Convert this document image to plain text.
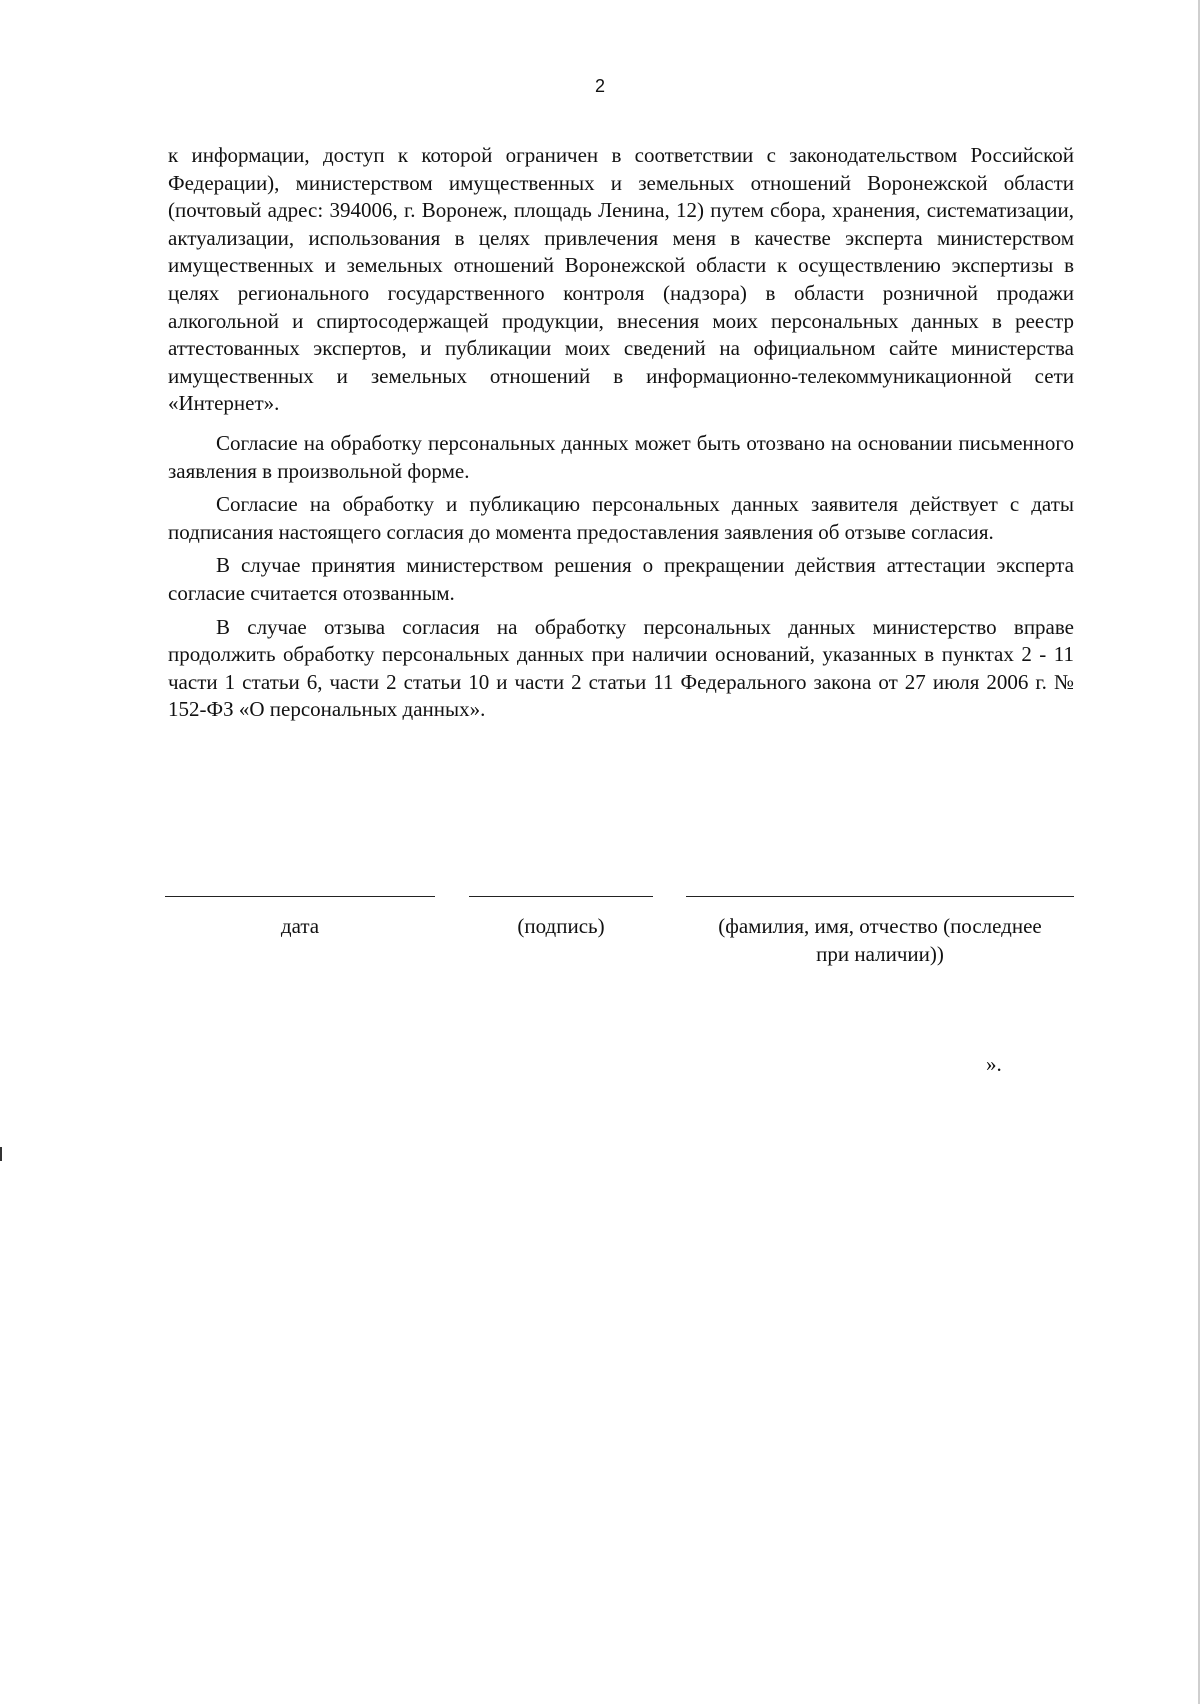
2

к информации, доступ к которой ограничен в соответствии с законодательством Российской Федерации), министерством имущественных и земельных отношений Воронежской области (почтовый адрес: 394006, г. Воронеж, площадь Ленина, 12) путем сбора, хранения, систематизации, актуализации, использования в целях привлечения меня в качестве эксперта министерством имущественных и земельных отношений Воронежской области к осуществлению экспертизы в целях регионального государственного контроля (надзора) в области розничной продажи алкогольной и спиртосодержащей продукции, внесения моих персональных данных в реестр аттестованных экспертов, и публикации моих сведений на официальном сайте министерства имущественных и земельных отношений в информационно-телекоммуникационной сети «Интернет».

Согласие на обработку персональных данных может быть отозвано на основании письменного заявления в произвольной форме.

Согласие на обработку и публикацию персональных данных заявителя действует с даты подписания настоящего согласия до момента предоставления заявления об отзыве согласия.

В случае принятия министерством решения о прекращении действия аттестации эксперта согласие считается отозванным.

В случае отзыва согласия на обработку персональных данных министерство вправе продолжить обработку персональных данных при наличии оснований, указанных в пунктах 2 - 11 части 1 статьи 6, части 2 статьи 10 и части 2 статьи 11 Федерального закона от 27 июля 2006 г. № 152-ФЗ «О персональных данных».

дата	(подпись)	(фамилия, имя, отчество (последнее
при наличии))
».
